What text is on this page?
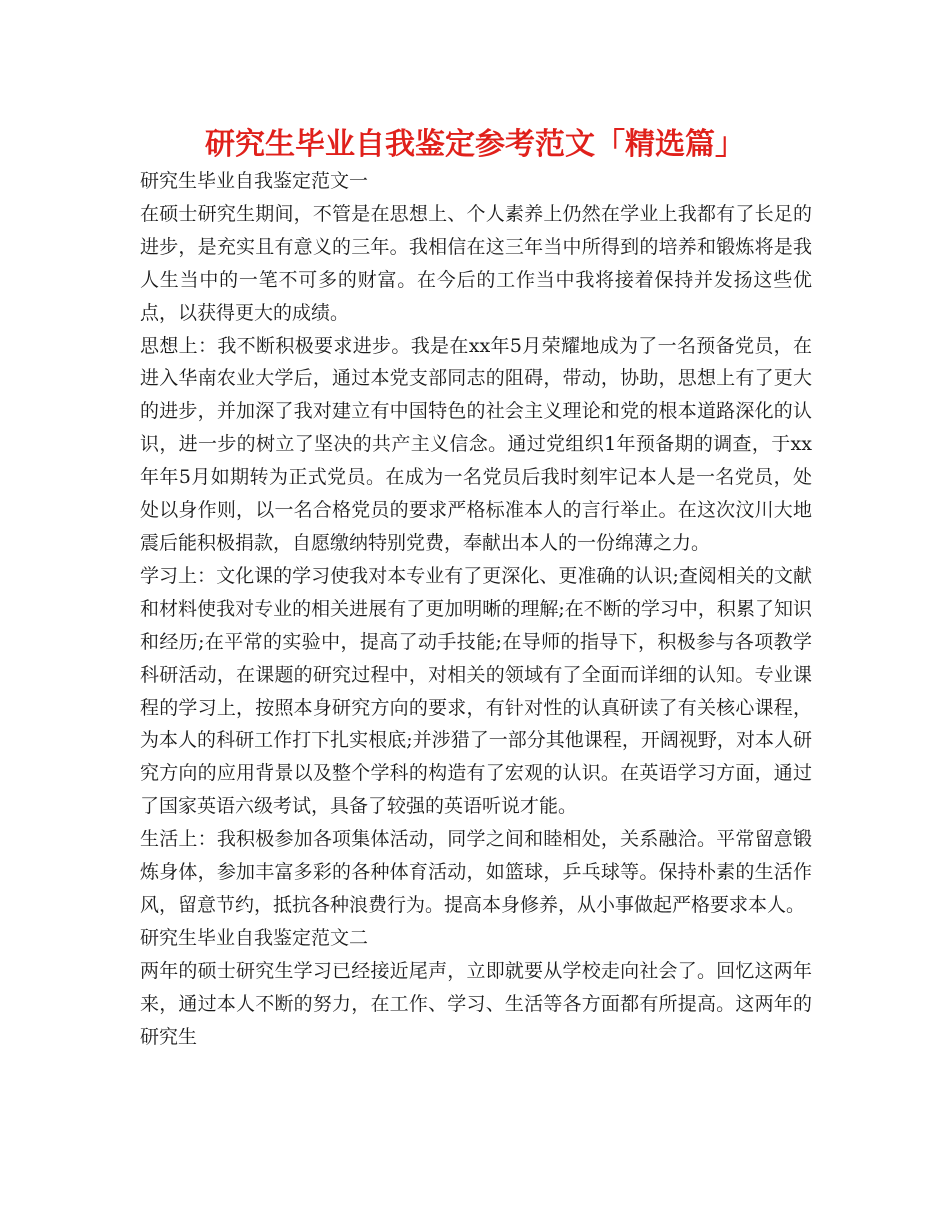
研究生毕业自我鉴定参考范文「精选篇」

研究生毕业自我鉴定范文一

在硕士研究生期间，不管是在思想上、个人素养上仍然在学业上我都有了长足的进步，是充实且有意义的三年。我相信在这三年当中所得到的培养和锻炼将是我人生当中的一笔不可多的财富。在今后的工作当中我将接着保持并发扬这些优点，以获得更大的成绩。

思想上：我不断积极要求进步。我是在xx年5月荣耀地成为了一名预备党员，在进入华南农业大学后，通过本党支部同志的阻碍，带动，协助，思想上有了更大的进步，并加深了我对建立有中国特色的社会主义理论和党的根本道路深化的认识，进一步的树立了坚决的共产主义信念。通过党组织1年预备期的调查，于xx年年5月如期转为正式党员。在成为一名党员后我时刻牢记本人是一名党员，处处以身作则，以一名合格党员的要求严格标准本人的言行举止。在这次汶川大地震后能积极捐款，自愿缴纳特别党费，奉献出本人的一份绵薄之力。

学习上：文化课的学习使我对本专业有了更深化、更准确的认识;查阅相关的文献和材料使我对专业的相关进展有了更加明晰的理解;在不断的学习中，积累了知识和经历;在平常的实验中，提高了动手技能;在导师的指导下，积极参与各项教学科研活动，在课题的研究过程中，对相关的领域有了全面而详细的认知。专业课程的学习上，按照本身研究方向的要求，有针对性的认真研读了有关核心课程，为本人的科研工作打下扎实根底;并涉猎了一部分其他课程，开阔视野，对本人研究方向的应用背景以及整个学科的构造有了宏观的认识。在英语学习方面，通过了国家英语六级考试，具备了较强的英语听说才能。

生活上：我积极参加各项集体活动，同学之间和睦相处，关系融洽。平常留意锻炼身体，参加丰富多彩的各种体育活动，如篮球，乒乓球等。保持朴素的生活作风，留意节约，抵抗各种浪费行为。提高本身修养，从小事做起严格要求本人。

研究生毕业自我鉴定范文二

两年的硕士研究生学习已经接近尾声，立即就要从学校走向社会了。回忆这两年来，通过本人不断的努力，在工作、学习、生活等各方面都有所提高。这两年的研究生
